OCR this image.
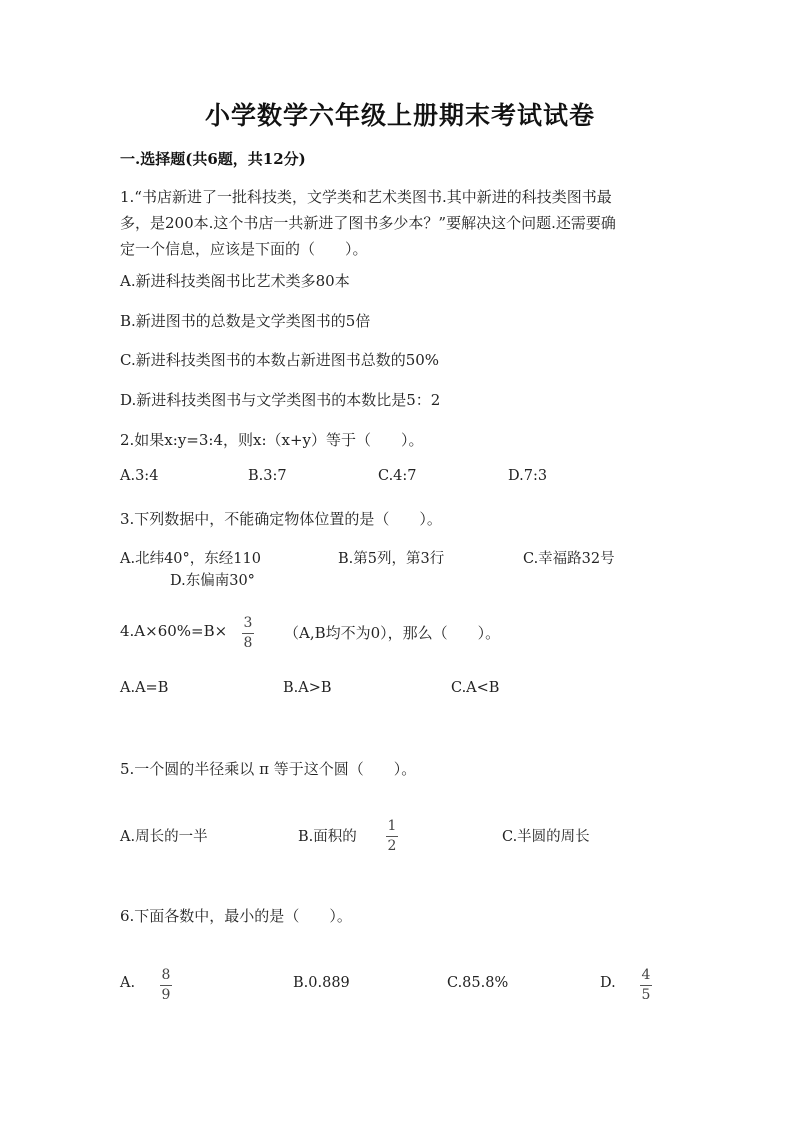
小学数学六年级上册期末考试试卷
一.选择题(共6题，共12分)
1.“书店新进了一批科技类，文学类和艺术类图书.其中新进的科技类图书最
多，是200本.这个书店一共新进了图书多少本？”要解决这个问题.还需要确
定一个信息，应该是下面的（　　）。
A.新进科技类阁书比艺术类多80本
B.新进图书的总数是文学类图书的5倍
C.新进科技类图书的本数占新进图书总数的50%
D.新进科技类图书与文学类图书的本数比是5：2
2.如果x:y=3:4，则x:（x+y）等于（　　）。
A.3:4	B.3:7	C.4:7	D.7:3
3.下列数据中，不能确定物体位置的是（　　）。
A.北纬40°，东经110	B.第5列，第3行	C.幸福路32号
D.东偏南30°
4.A×60%=B× 3
8
（A,B均不为0），那么（　　）。
A.A=B	B.A>B	C.A<B
5.一个圆的半径乘以 π 等于这个圆（　　）。
A.周长的一半	B.面积的
1
2
C.半圆的周长
6.下面各数中，最小的是（　　）。
A. 8
9
B.0.889	C.85.8%	D. 4
5
